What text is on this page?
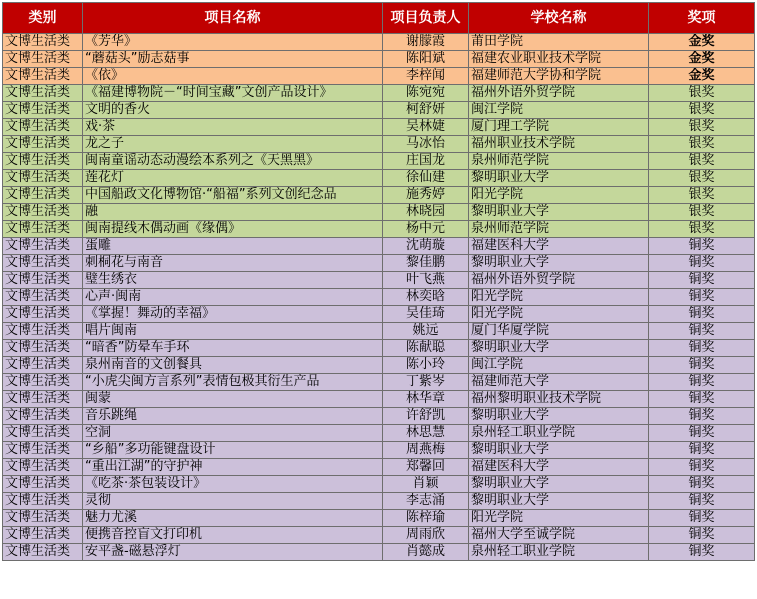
类别	项目名称	项目负责人	学校名称	奖项
文博生活类	《芳华》	谢朦霞	莆田学院	金奖
文博生活类	“蘑菇头”励志菇事	陈阳斌	福建农业职业技术学院	金奖
文博生活类	《依》	李梓闻	福建师范大学协和学院	金奖
文博生活类	《福建博物院－“时间宝藏”文创产品设计》	陈宛宛	福州外语外贸学院	银奖
文博生活类	文明的香火	柯舒妍	闽江学院	银奖
文博生活类	戏·茶	吴林婕	厦门理工学院	银奖
文博生活类	龙之子	马冰怡	福州职业技术学院	银奖
文博生活类	闽南童谣动态动漫绘本系列之《天黑黑》	庄国龙	泉州师范学院	银奖
文博生活类	莲花灯	徐仙建	黎明职业大学	银奖
文博生活类	中国船政文化博物馆·“船福”系列文创纪念品	施秀婷	阳光学院	银奖
文博生活类	融	林晓园	黎明职业大学	银奖
文博生活类	闽南提线木偶动画《缘偶》	杨中元	泉州师范学院	银奖
文博生活类	蛋雕	沈萌璇	福建医科大学	铜奖
文博生活类	刺桐花与南音	黎佳鹏	黎明职业大学	铜奖
文博生活类	璧生绣衣	叶飞燕	福州外语外贸学院	铜奖
文博生活类	心声·闽南	林奕晗	阳光学院	铜奖
文博生活类	《掌握！舞动的幸福》	吴佳琦	阳光学院	铜奖
文博生活类	唱片闽南	姚远	厦门华厦学院	铜奖
文博生活类	“暗香”防晕车手环	陈献聪	黎明职业大学	铜奖
文博生活类	泉州南音的文创餐具	陈小玲	闽江学院	铜奖
文博生活类	“小虎尖闽方言系列”表情包极其衍生产品	丁紫岑	福建师范大学	铜奖
文博生活类	闽蒙	林华章	福州黎明职业技术学院	铜奖
文博生活类	音乐跳绳	许舒凯	黎明职业大学	铜奖
文博生活类	空洞	林思慧	泉州轻工职业学院	铜奖
文博生活类	“乡船”多功能键盘设计	周燕梅	黎明职业大学	铜奖
文博生活类	“重出江湖”的守护神	郑馨回	福建医科大学	铜奖
文博生活类	《吃茶·茶包装设计》	肖颖	黎明职业大学	铜奖
文博生活类	灵彻	李志涌	黎明职业大学	铜奖
文博生活类	魅力尤溪	陈梓瑜	阳光学院	铜奖
文博生活类	便携音控盲文打印机	周雨欣	福州大学至诚学院	铜奖
文博生活类	安平盏-磁悬浮灯	肖懿成	泉州轻工职业学院	铜奖
